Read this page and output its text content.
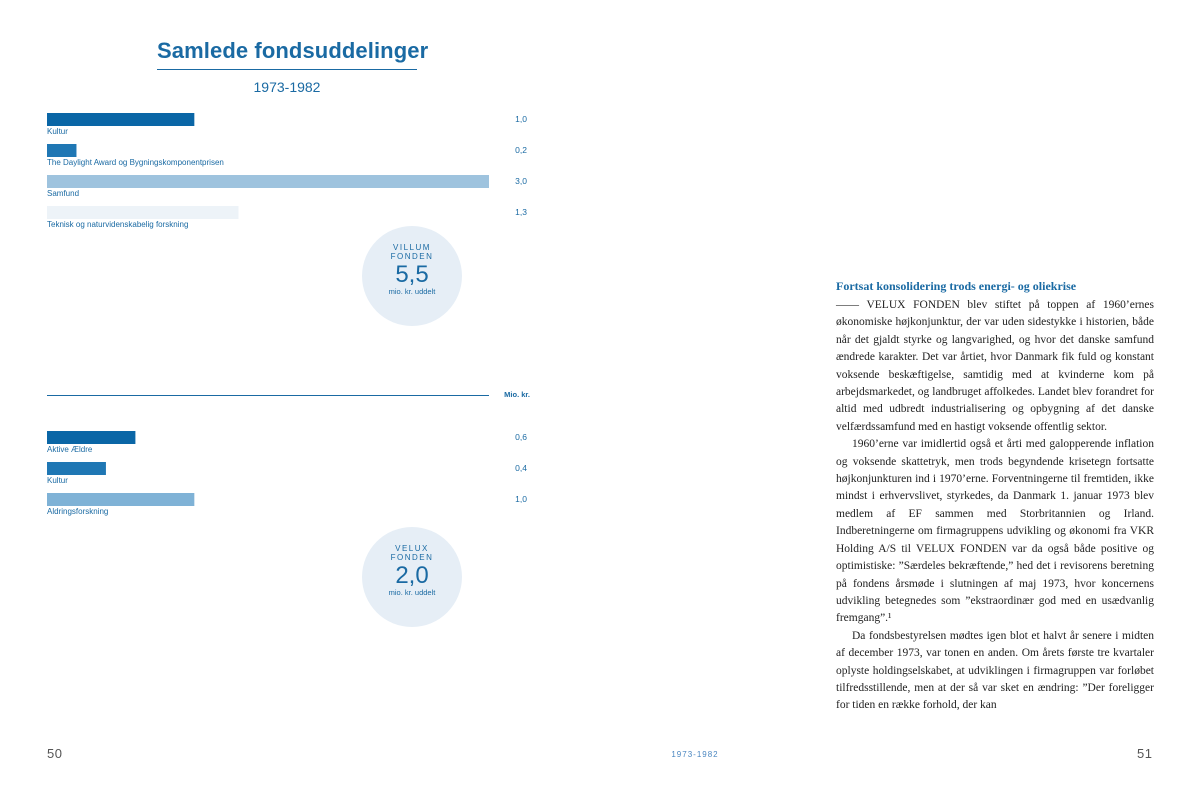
Samlede fondsuddelinger
1973-1982
Kultur
1,0
The Daylight Award og Bygningskomponentprisen
0,2
Samfund
3,0
Teknisk og naturvidenskabelig forskning
1,3
Aktive Ældre
0,6
Kultur
0,4
Aldringsforskning
1,0
VILLUM
FONDEN
5,5
mio. kr. uddelt
Mio. kr.
VELUX
FONDEN
2,0
mio. kr. uddelt
Fortsat konsolidering trods energi- og oliekrise

—— VELUX FONDEN blev stiftet på toppen af 1960’ernes økonomiske højkonjunktur, der var uden sidestykke i historien, både når det gjaldt styrke og langvarighed, og hvor det danske samfund ændrede karakter. Det var årtiet, hvor Danmark fik fuld og konstant voksende beskæftigelse, samtidig med at kvinderne kom på arbejdsmarkedet, og landbruget affolkedes. Landet blev forandret for altid med udbredt industrialisering og opbygning af det danske velfærdssamfund med en hastigt voksende offentlig sektor.

1960’erne var imidlertid også et årti med galopperende inflation og voksende skattetryk, men trods begyndende krisetegn fortsatte højkonjunkturen ind i 1970’erne. Forventningerne til fremtiden, ikke mindst i erhvervslivet, styrkedes, da Danmark 1. januar 1973 blev medlem af EF sammen med Storbritannien og Irland. Indberetningerne om firmagruppens udvikling og økonomi fra VKR Holding A/S til VELUX FONDEN var da også både positive og optimistiske: ”Særdeles bekræftende,” hed det i revisorens beretning på fondens årsmøde i slutningen af maj 1973, hvor koncernens udvikling betegnedes som ”ekstraordinær god med en usædvanlig fremgang”.¹

Da fondsbestyrelsen mødtes igen blot et halvt år senere i midten af december 1973, var tonen en anden. Om årets første tre kvartaler oplyste holdingselskabet, at udviklingen i firmagruppen var forløbet tilfredsstillende, men at der så var sket en ændring: ”Der foreligger for tiden en række forhold, der kan

50	1973-1982	51
